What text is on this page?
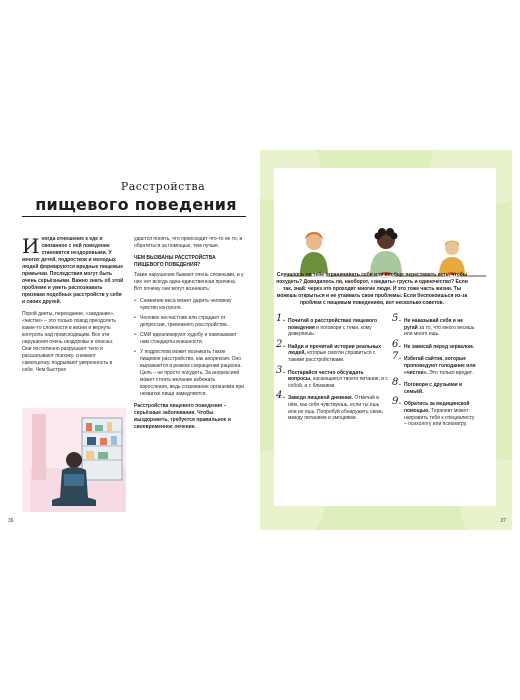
Расстройства
пищевого поведения

И ногда отношение к еде и связанное с ней поведение становятся нездоровыми. У многих детей, подростков и молодых людей формируются вредные пищевые привычки. Последствия могут быть очень серьёзными. Важно знать об этой проблеме и уметь распознавать признаки подобных расстройств у себя и своих друзей.

Порой диеты, переедание, «заедание», «чистки» – это только повод преодолеть какие-то сложности в жизни и вернуть контроль над происходящим. Все эти нарушения очень нездоровы и опасны. Они постепенно разрушают тело и расшатывают психику, снижают самооценку, подрывают уверенность в себе. Чем быстрее

удастся понять, что происходит что-то не то, и обратиться за помощью, тем лучше.

ЧЕМ ВЫЗВАНЫ РАССТРОЙСТВА ПИЩЕВОГО ПОВЕДЕНИЯ?

Такие нарушения бывают очень сложными, и у них нет всегда одна-единственная причина. Вот почему они могут возникать:

• Снижение веса может дарить человеку чувство контроля.
• Человек несчастлив или страдает от депрессии, тревожного расстройства.
• СМИ идеализируют худобу и навязывают нам стандарты внешности.
• У подростков может возникать такое пищевое расстройство, как анорексия. Оно выражается в резком сокращении рациона. Цель – не просто похудеть. За анорексией может стоять желание избежать взросления, ведь созревание организма при нехватке пищи замедляется.
Расстройства пищевого поведения – серьёзные заболевания. Чтобы выздороветь, требуется правильное и своевременное лечение.
36
Случалось ли тебе ограничивать себя или вообще переставать есть, чтобы похудеть? Доводилось ли, наоборот, «заедать» грусть и одиночество? Если так, знай: через это проходят многие люди. И это тоже часть жизни. Ты можешь открыться и не утаивать свои проблемы. Если беспокоишься из-за проблем с пищевым поведением, вот несколько советов.
1. Почитай о расстройствах пищевого поведения и поговори с теми, кому доверяешь.
2. Найди и прочитай истории реальных людей, которые смогли справиться с такими расстройствами.
3. Постарайся честно обсуждать вопросы, касающиеся твоего питания, и с собой, и с близкими.
4. Заведи пищевой дневник. Отмечай в нём, как себя чувствуешь, если ты ешь или не ешь. Попробуй обнаружить связь между питанием и эмоциями.
5. Не наказывай себя и не ругай за то, что много весишь или много ешь.
6. Не зависай перед зеркалом.
7. Избегай сайтов, которые проповедуют голодание или «чистки». Это только вредит.
8. Поговори с друзьями и семьёй.
9. Обратись за медицинской помощью. Терапевт может направить тебя к специалисту – психологу или психиатру.
37
